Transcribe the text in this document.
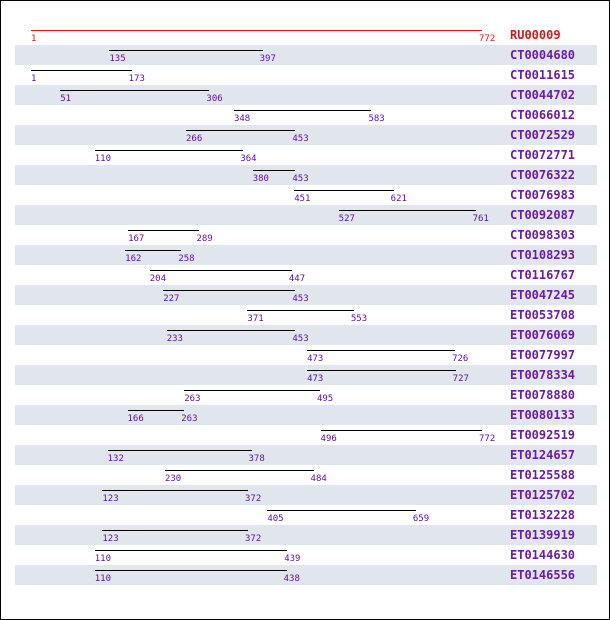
1	772 RU00009
135	397	CT0004680
1	173	CT0011615
51	306	CT0044702
348	583	CT0066012
266	453	CT0072529
110	364	CT0072771
380	453	CT0076322
451	621	CT0076983
527	761 CT0092087
167	289	CT0098303
162	258	CT0108293
204	447	CT0116767
227	453	ET0047245
371	553	ET0053708
233	453	ET0076069
473	726	ET0077997
473	727	ET0078334
263	495	ET0078880
166	263	ET0080133
496	772 ET0092519
132	378	ET0124657
230	484	ET0125588
123	372	ET0125702
405	659	ET0132228
123	372	ET0139919
110	439	ET0144630
110	438	ET0146556
